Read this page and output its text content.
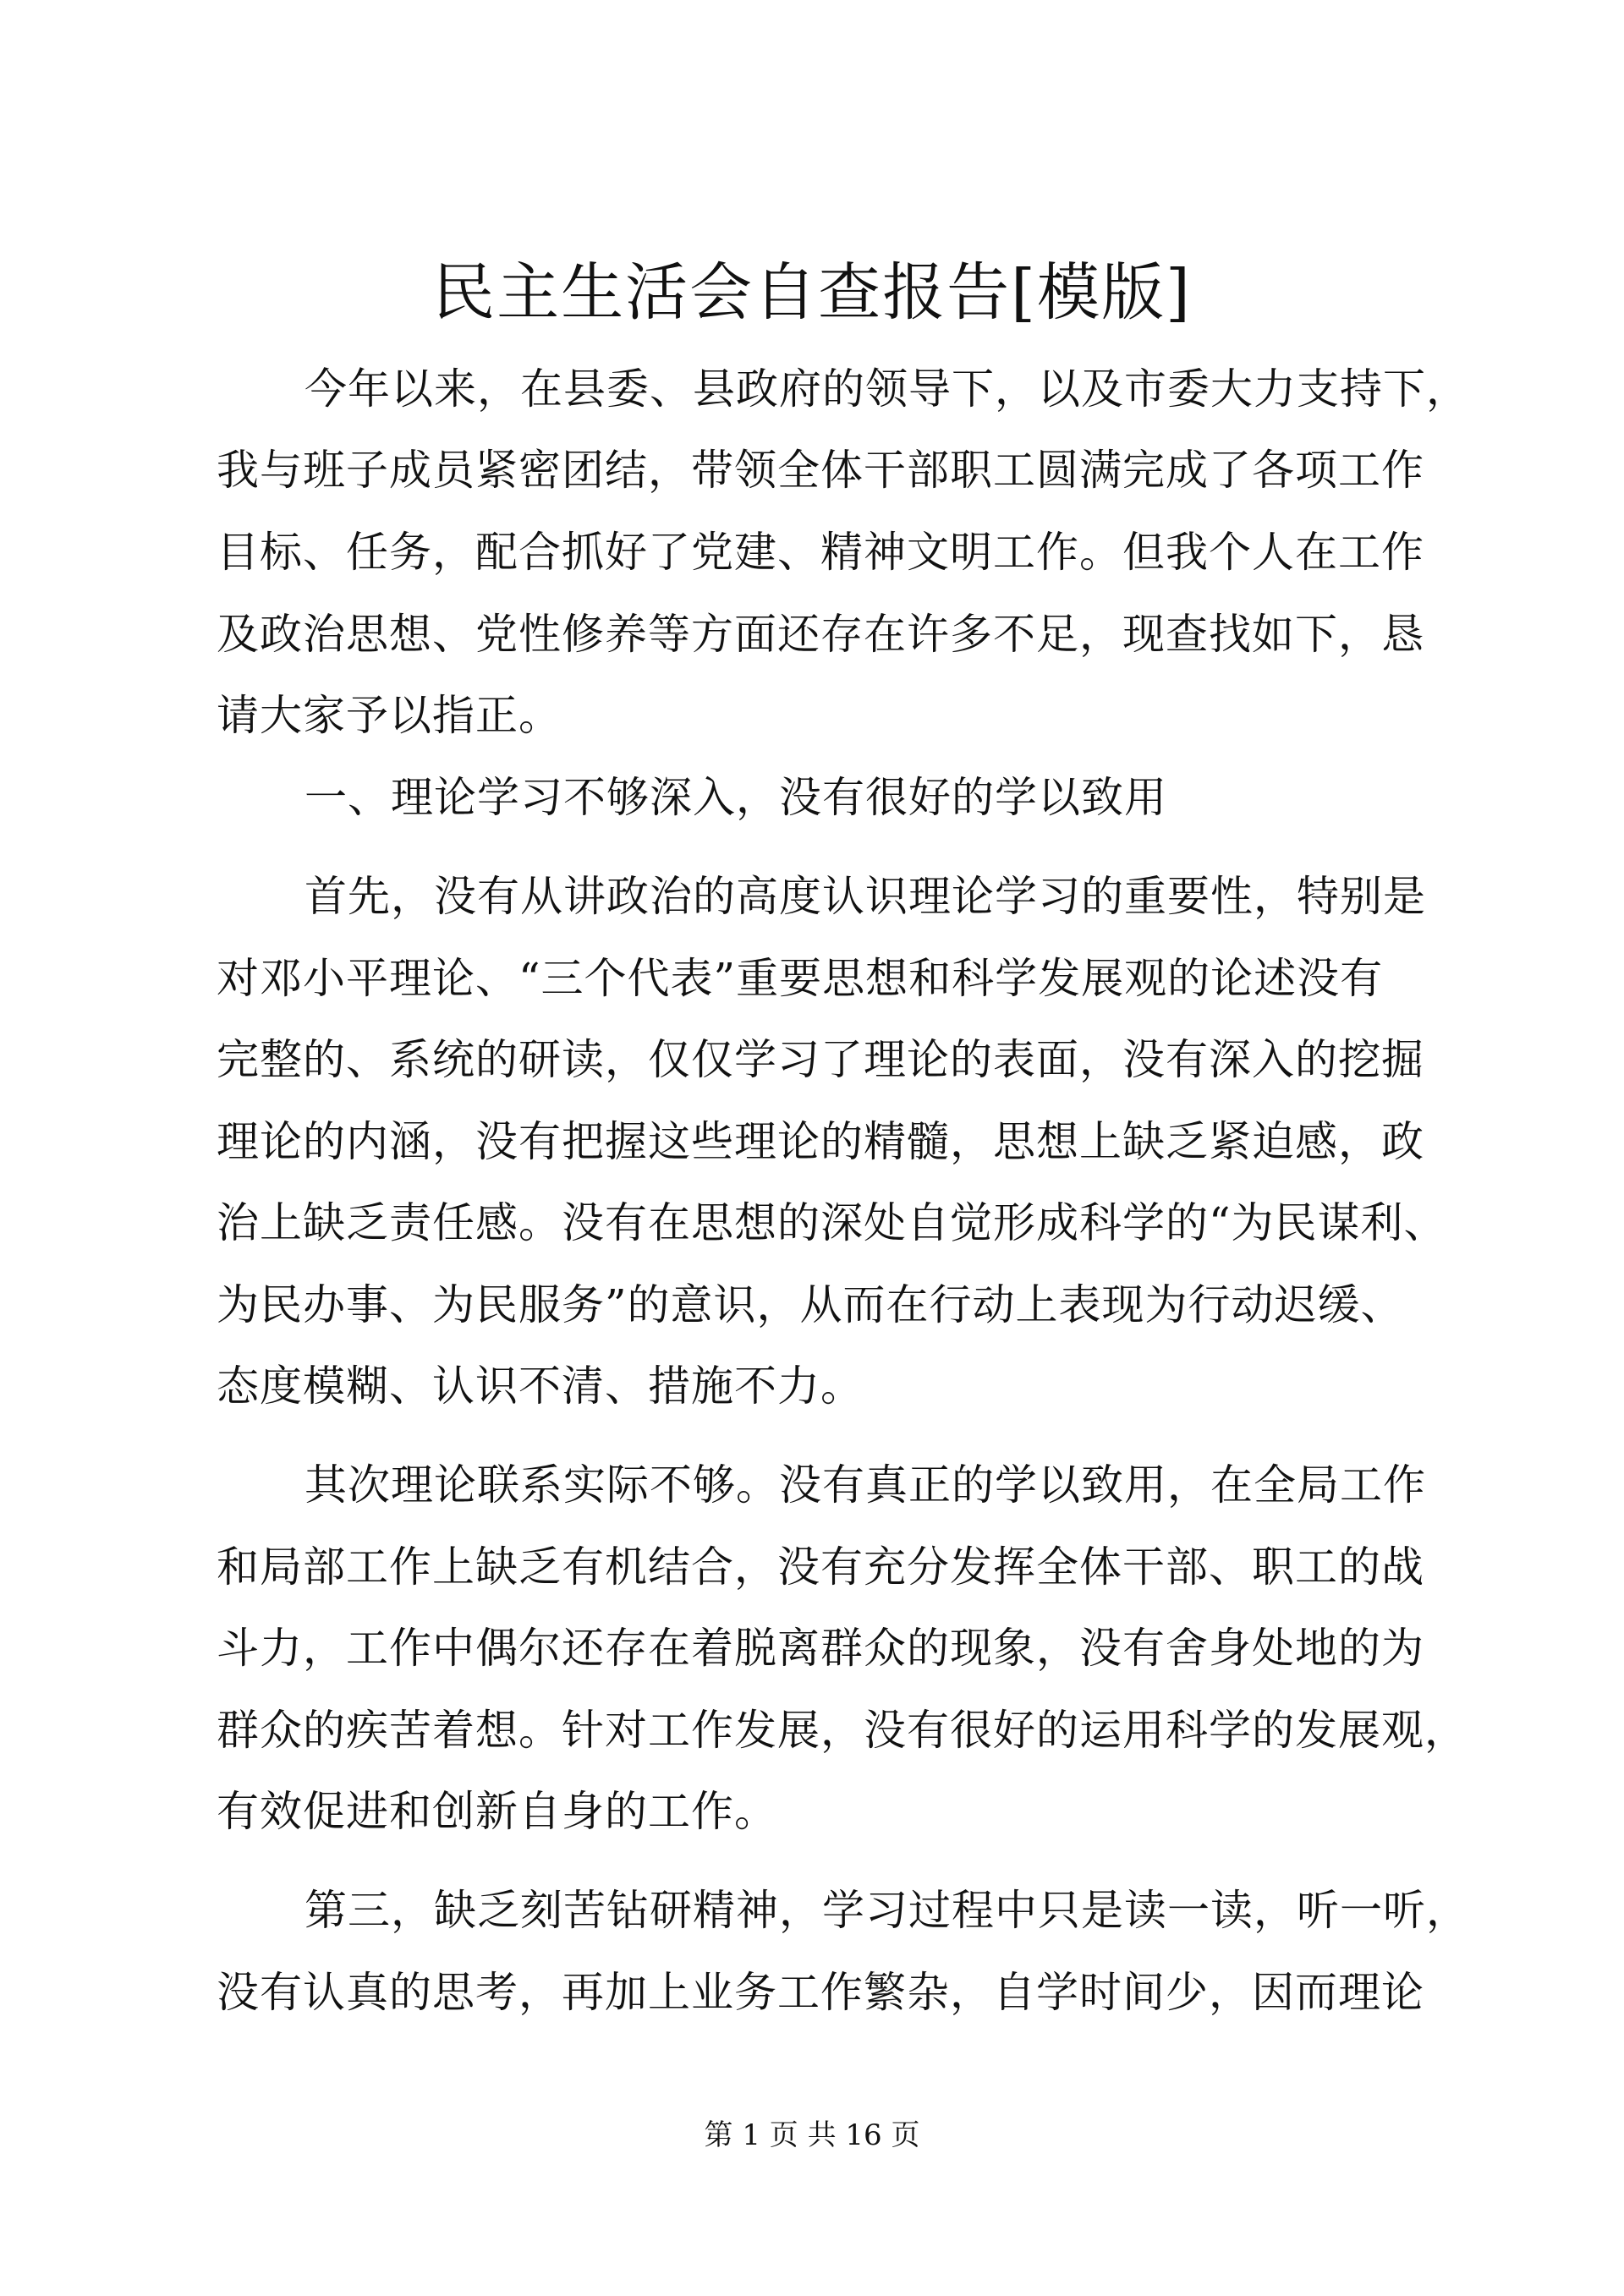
民主生活会自查报告[模版]
今年以来，在县委、县政府的领导下，以及市委大力支持下，
我与班子成员紧密团结，带领全体干部职工圆满完成了各项工作
目标、任务，配合抓好了党建、精神文明工作。但我个人在工作
及政治思想、党性修养等方面还存在许多不足，现查找如下，恳
请大家予以指正。
一、理论学习不够深入，没有很好的学以致用
首先，没有从讲政治的高度认识理论学习的重要性，特别是
对邓小平理论、“三个代表”重要思想和科学发展观的论述没有
完整的、系统的研读，仅仅学习了理论的表面，没有深入的挖掘
理论的内涵，没有把握这些理论的精髓，思想上缺乏紧迫感，政
治上缺乏责任感。没有在思想的深处自觉形成科学的“为民谋利、
为民办事、为民服务”的意识，从而在行动上表现为行动迟缓、
态度模糊、认识不清、措施不力。
其次理论联系实际不够。没有真正的学以致用，在全局工作
和局部工作上缺乏有机结合，没有充分发挥全体干部、职工的战
斗力，工作中偶尔还存在着脱离群众的现象，没有舍身处地的为
群众的疾苦着想。针对工作发展，没有很好的运用科学的发展观，
有效促进和创新自身的工作。
第三，缺乏刻苦钻研精神，学习过程中只是读一读，听一听，
没有认真的思考，再加上业务工作繁杂，自学时间少，因而理论
第 1 页 共 16 页
